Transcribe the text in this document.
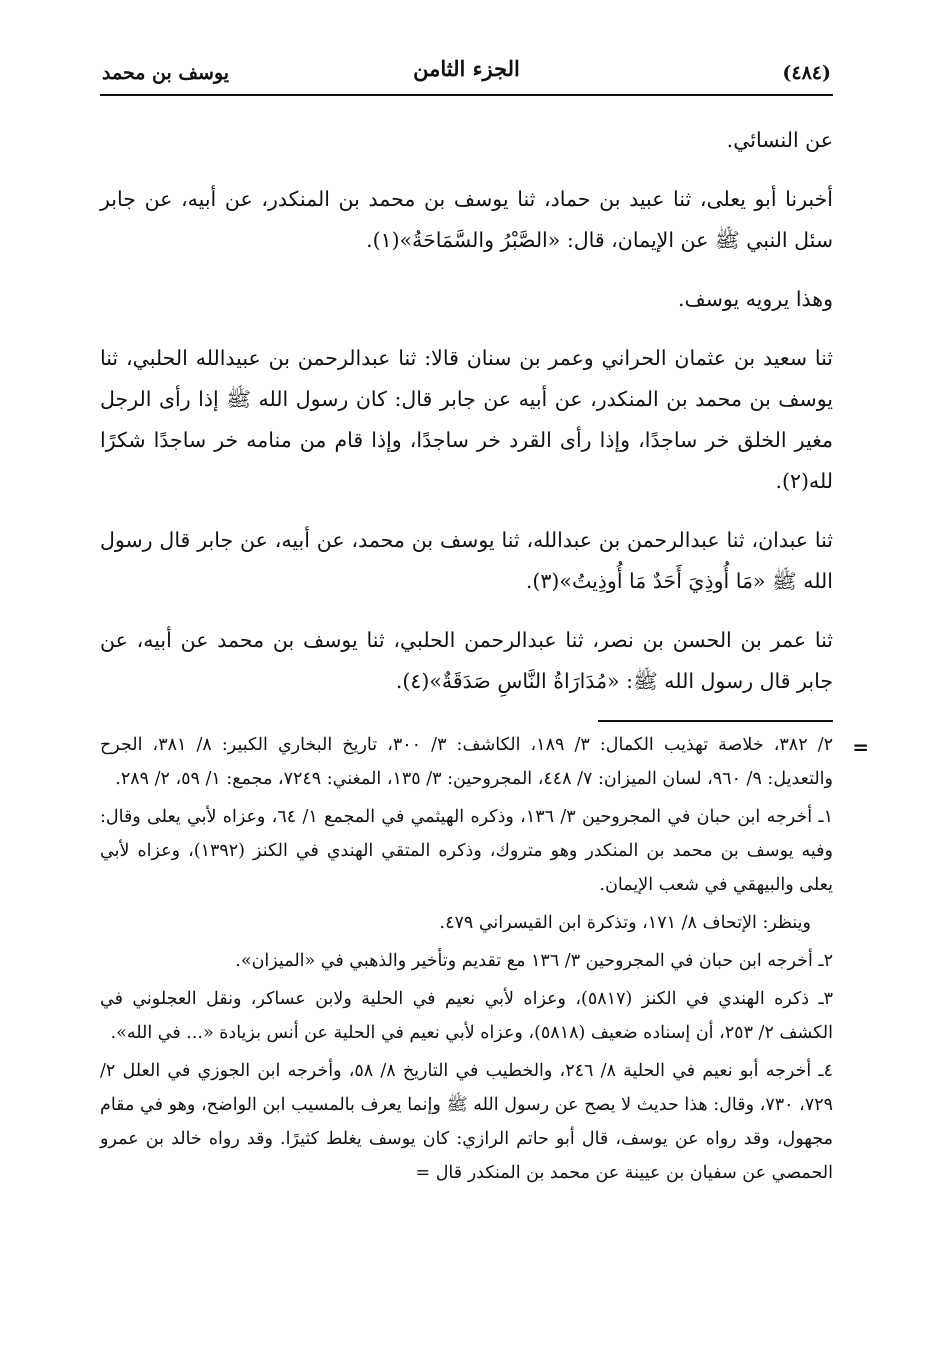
(٤٨٤)
الجزء الثامن
يوسف بن محمد

عن النسائي.

أخبرنا أبو يعلى، ثنا عبيد بن حماد، ثنا يوسف بن محمد بن المنكدر، عن أبيه، عن جابر سئل النبي ﷺ عن الإيمان، قال: «الصَّبْرُ والسَّمَاحَةُ»(١).

وهذا يرويه يوسف.

ثنا سعيد بن عثمان الحراني وعمر بن سنان قالا: ثنا عبدالرحمن بن عبيدالله الحلبي، ثنا يوسف بن محمد بن المنكدر، عن أبيه عن جابر قال: كان رسول الله ﷺ إذا رأى الرجل مغير الخلق خر ساجدًا، وإذا رأى القرد خر ساجدًا، وإذا قام من منامه خر ساجدًا شكرًا لله(٢).

ثنا عبدان، ثنا عبدالرحمن بن عبدالله، ثنا يوسف بن محمد، عن أبيه، عن جابر قال رسول الله ﷺ «مَا أُوذِيَ أَحَدٌ مَا أُوذِيتُ»(٣).

ثنا عمر بن الحسن بن نصر، ثنا عبدالرحمن الحلبي، ثنا يوسف بن محمد عن أبيه، عن جابر قال رسول الله ﷺ: «مُدَارَاةُ النَّاسِ صَدَقَةٌ»(٤).

=

٢/ ٣٨٢، خلاصة تهذيب الكمال: ٣/ ١٨٩، الكاشف: ٣/ ٣٠٠، تاريخ البخاري الكبير: ٨/ ٣٨١، الجرح والتعديل: ٩/ ٩٦٠، لسان الميزان: ٧/ ٤٤٨، المجروحين: ٣/ ١٣٥، المغني: ٧٢٤٩، مجمع: ١/ ٥٩، ٢/ ٢٨٩.

١ـ أخرجه ابن حبان في المجروحين ٣/ ١٣٦، وذكره الهيثمي في المجمع ١/ ٦٤، وعزاه لأبي يعلى وقال: وفيه يوسف بن محمد بن المنكدر وهو متروك، وذكره المتقي الهندي في الكنز (١٣٩٢)، وعزاه لأبي يعلى والبيهقي في شعب الإيمان.

وينظر: الإتحاف ٨/ ١٧١، وتذكرة ابن القيسراني ٤٧٩.

٢ـ أخرجه ابن حبان في المجروحين ٣/ ١٣٦ مع تقديم وتأخير والذهبي في «الميزان».

٣ـ ذكره الهندي في الكنز (٥٨١٧)، وعزاه لأبي نعيم في الحلية ولابن عساكر، ونقل العجلوني في الكشف ٢/ ٢٥٣، أن إسناده ضعيف (٥٨١٨)، وعزاه لأبي نعيم في الحلية عن أنس بزيادة «... في الله».

٤ـ أخرجه أبو نعيم في الحلية ٨/ ٢٤٦، والخطيب في التاريخ ٨/ ٥٨، وأخرجه ابن الجوزي في العلل ٢/ ٧٢٩، ٧٣٠، وقال: هذا حديث لا يصح عن رسول الله ﷺ وإنما يعرف بالمسيب ابن الواضح، وهو في مقام مجهول، وقد رواه عن يوسف، قال أبو حاتم الرازي: كان يوسف يغلط كثيرًا. وقد رواه خالد بن عمرو الحمصي عن سفيان بن عيينة عن محمد بن المنكدر قال =
